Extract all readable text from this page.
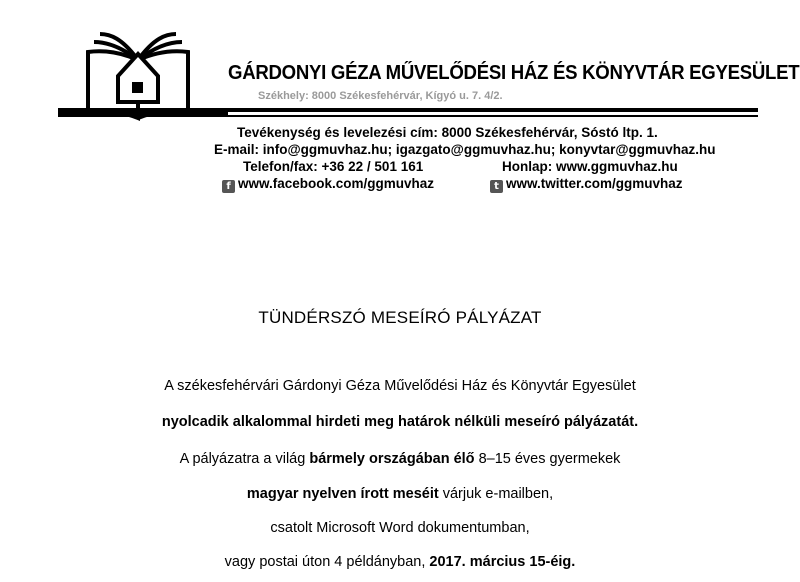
GÁRDONYI GÉZA MŰVELŐDÉSI HÁZ ÉS KÖNYVTÁR EGYESÜLET
Székhely: 8000 Székesfehérvár, Kígyó u. 7. 4/2.
Tevékenység és levelezési cím: 8000 Székesfehérvár, Sóstó ltp. 1.
E-mail: info@ggmuvhaz.hu; igazgato@ggmuvhaz.hu; konyvtar@ggmuvhaz.hu
Telefon/fax: +36 22 / 501 161	Honlap: www.ggmuvhaz.hu
f www.facebook.com/ggmuvhaz	t www.twitter.com/ggmuvhaz
TÜNDÉRSZÓ MESEÍRÓ PÁLYÁZAT
A székesfehérvári Gárdonyi Géza Művelődési Ház és Könyvtár Egyesület
nyolcadik alkalommal hirdeti meg határok nélküli meseíró pályázatát.
A pályázatra a világ bármely országában élő 8–15 éves gyermekek
magyar nyelven írott meséit várjuk e-mailben,
csatolt Microsoft Word dokumentumban,
vagy postai úton 4 példányban, 2017. március 15-éig.
